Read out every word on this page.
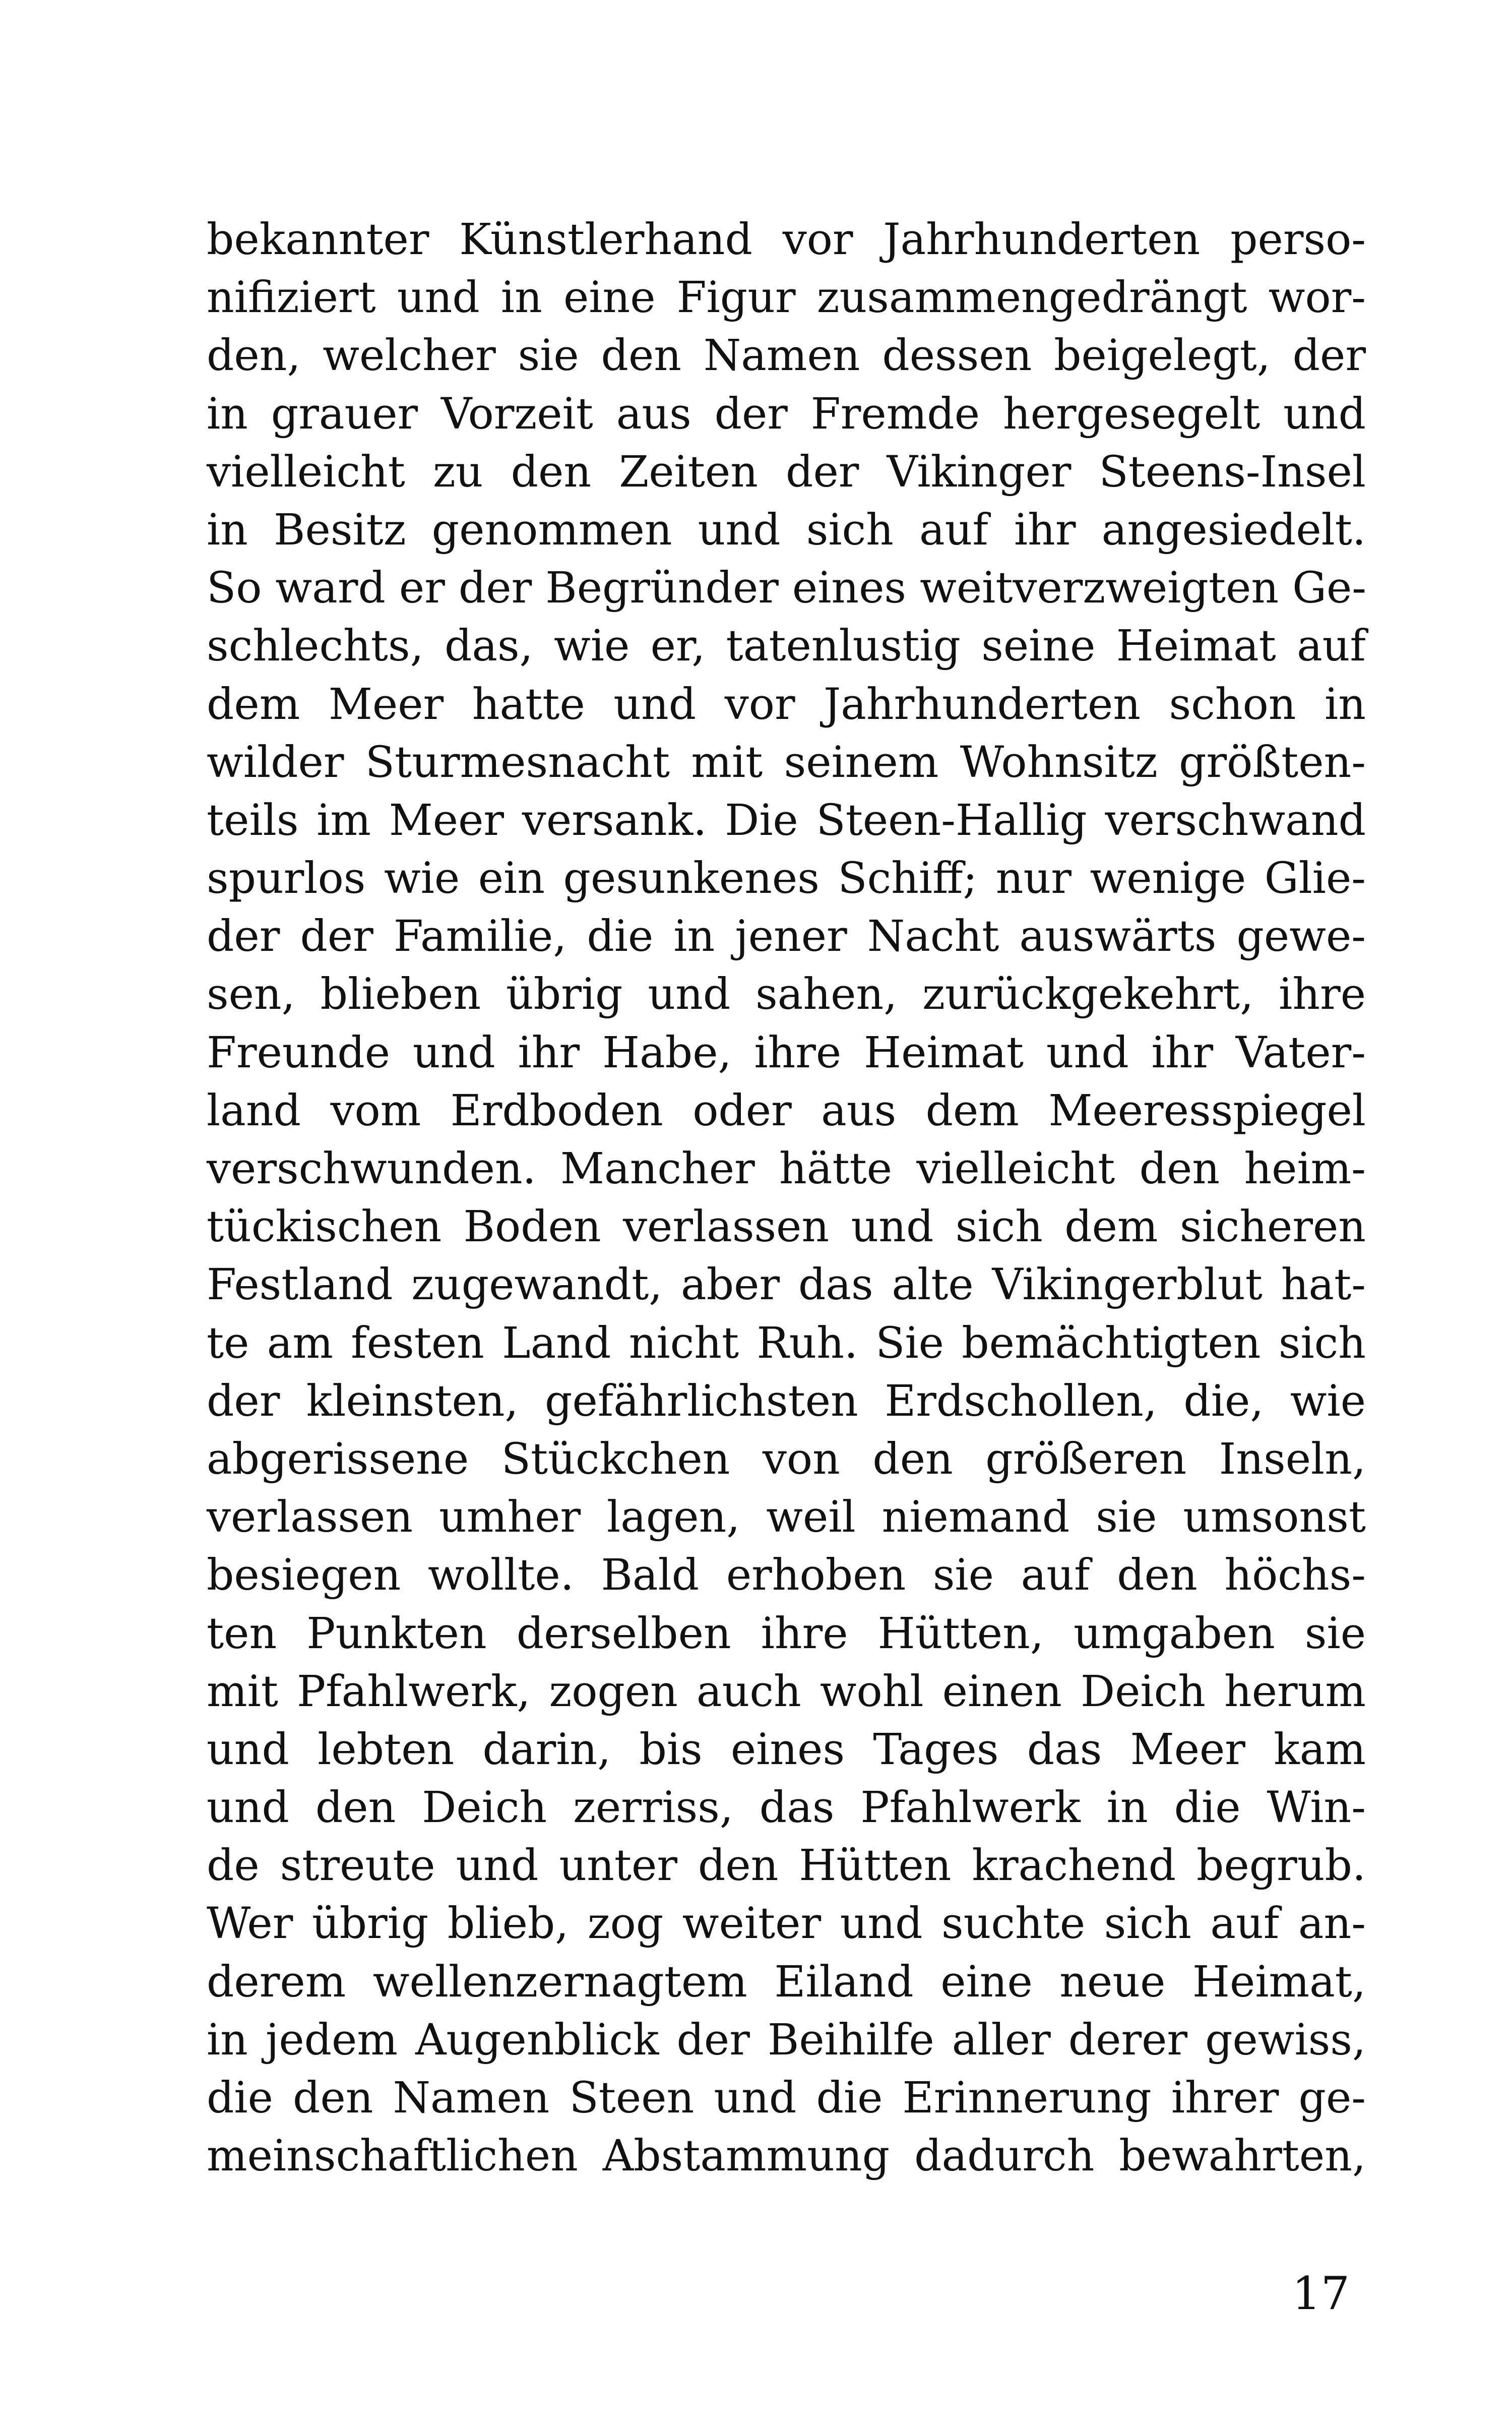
bekannter Künstlerhand vor Jahrhunderten perso-
nifiziert und in eine Figur zusammengedrängt wor-
den, welcher sie den Namen dessen beigelegt, der
in grauer Vorzeit aus der Fremde hergesegelt und
vielleicht zu den Zeiten der Vikinger Steens-Insel
in Besitz genommen und sich auf ihr angesiedelt.
So ward er der Begründer eines weitverzweigten Ge-
schlechts, das, wie er, tatenlustig seine Heimat auf
dem Meer hatte und vor Jahrhunderten schon in
wilder Sturmesnacht mit seinem Wohnsitz größten-
teils im Meer versank. Die Steen-Hallig verschwand
spurlos wie ein gesunkenes Schiff; nur wenige Glie-
der der Familie, die in jener Nacht auswärts gewe-
sen, blieben übrig und sahen, zurückgekehrt, ihre
Freunde und ihr Habe, ihre Heimat und ihr Vater-
land vom Erdboden oder aus dem Meeresspiegel
verschwunden. Mancher hätte vielleicht den heim-
tückischen Boden verlassen und sich dem sicheren
Festland zugewandt, aber das alte Vikingerblut hat-
te am festen Land nicht Ruh. Sie bemächtigten sich
der kleinsten, gefährlichsten Erdschollen, die, wie
abgerissene Stückchen von den größeren Inseln,
verlassen umher lagen, weil niemand sie umsonst
besiegen wollte. Bald erhoben sie auf den höchs-
ten Punkten derselben ihre Hütten, umgaben sie
mit Pfahlwerk, zogen auch wohl einen Deich herum
und lebten darin, bis eines Tages das Meer kam
und den Deich zerriss, das Pfahlwerk in die Win-
de streute und unter den Hütten krachend begrub.
Wer übrig blieb, zog weiter und suchte sich auf an-
derem wellenzernagtem Eiland eine neue Heimat,
in jedem Augenblick der Beihilfe aller derer gewiss,
die den Namen Steen und die Erinnerung ihrer ge-
meinschaftlichen Abstammung dadurch bewahrten,
17
